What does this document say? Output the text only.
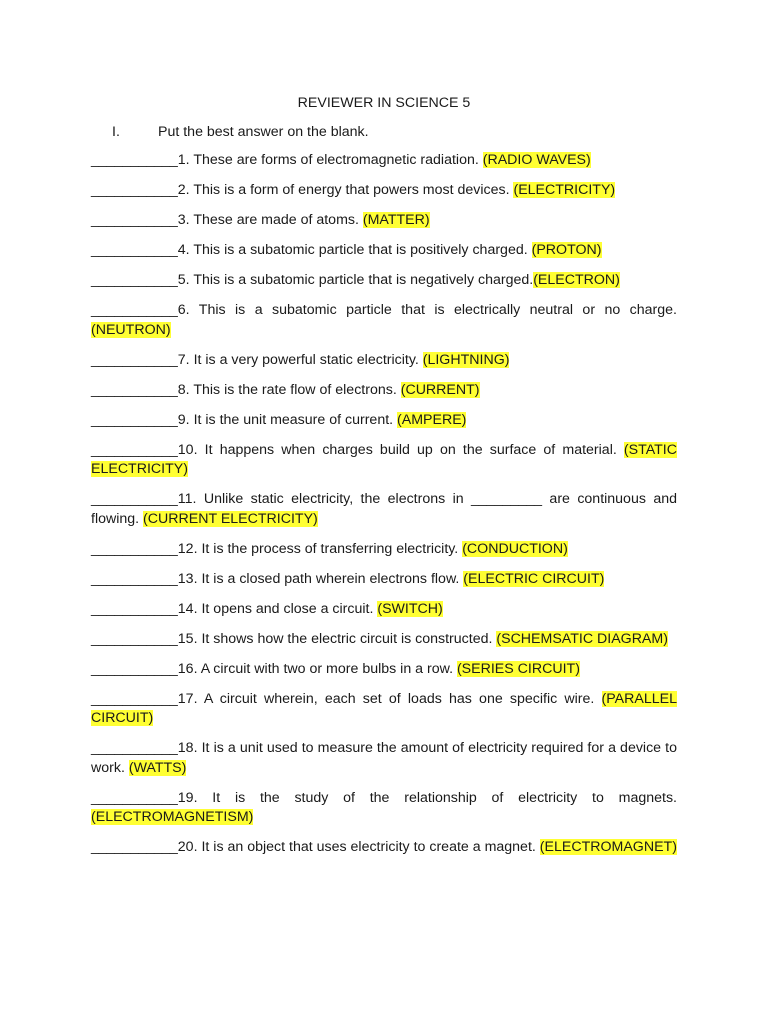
REVIEWER IN SCIENCE 5
I.	Put the best answer on the blank.
___________1. These are forms of electromagnetic radiation. (RADIO WAVES)
___________2. This is a form of energy that powers most devices. (ELECTRICITY)
___________3. These are made of atoms. (MATTER)
___________4. This is a subatomic particle that is positively charged. (PROTON)
___________5. This is a subatomic particle that is negatively charged.(ELECTRON)
___________6. This is a subatomic particle that is electrically neutral or no charge. (NEUTRON)
___________7. It is a very powerful static electricity. (LIGHTNING)
___________8. This is the rate flow of electrons. (CURRENT)
___________9. It is the unit measure of current. (AMPERE)
___________10. It happens when charges build up on the surface of material. (STATIC ELECTRICITY)
___________11. Unlike static electricity, the electrons in _________ are continuous and flowing. (CURRENT ELECTRICITY)
___________12. It is the process of transferring electricity. (CONDUCTION)
___________13. It is a closed path wherein electrons flow. (ELECTRIC CIRCUIT)
___________14. It opens and close a circuit. (SWITCH)
___________15. It shows how the electric circuit is constructed. (SCHEMSATIC DIAGRAM)
___________16. A circuit with two or more bulbs in a row. (SERIES CIRCUIT)
___________17. A circuit wherein, each set of loads has one specific wire. (PARALLEL CIRCUIT)
___________18. It is a unit used to measure the amount of electricity required for a device to work. (WATTS)
___________19. It is the study of the relationship of electricity to magnets. (ELECTROMAGNETISM)
___________20. It is an object that uses electricity to create a magnet. (ELECTROMAGNET)
